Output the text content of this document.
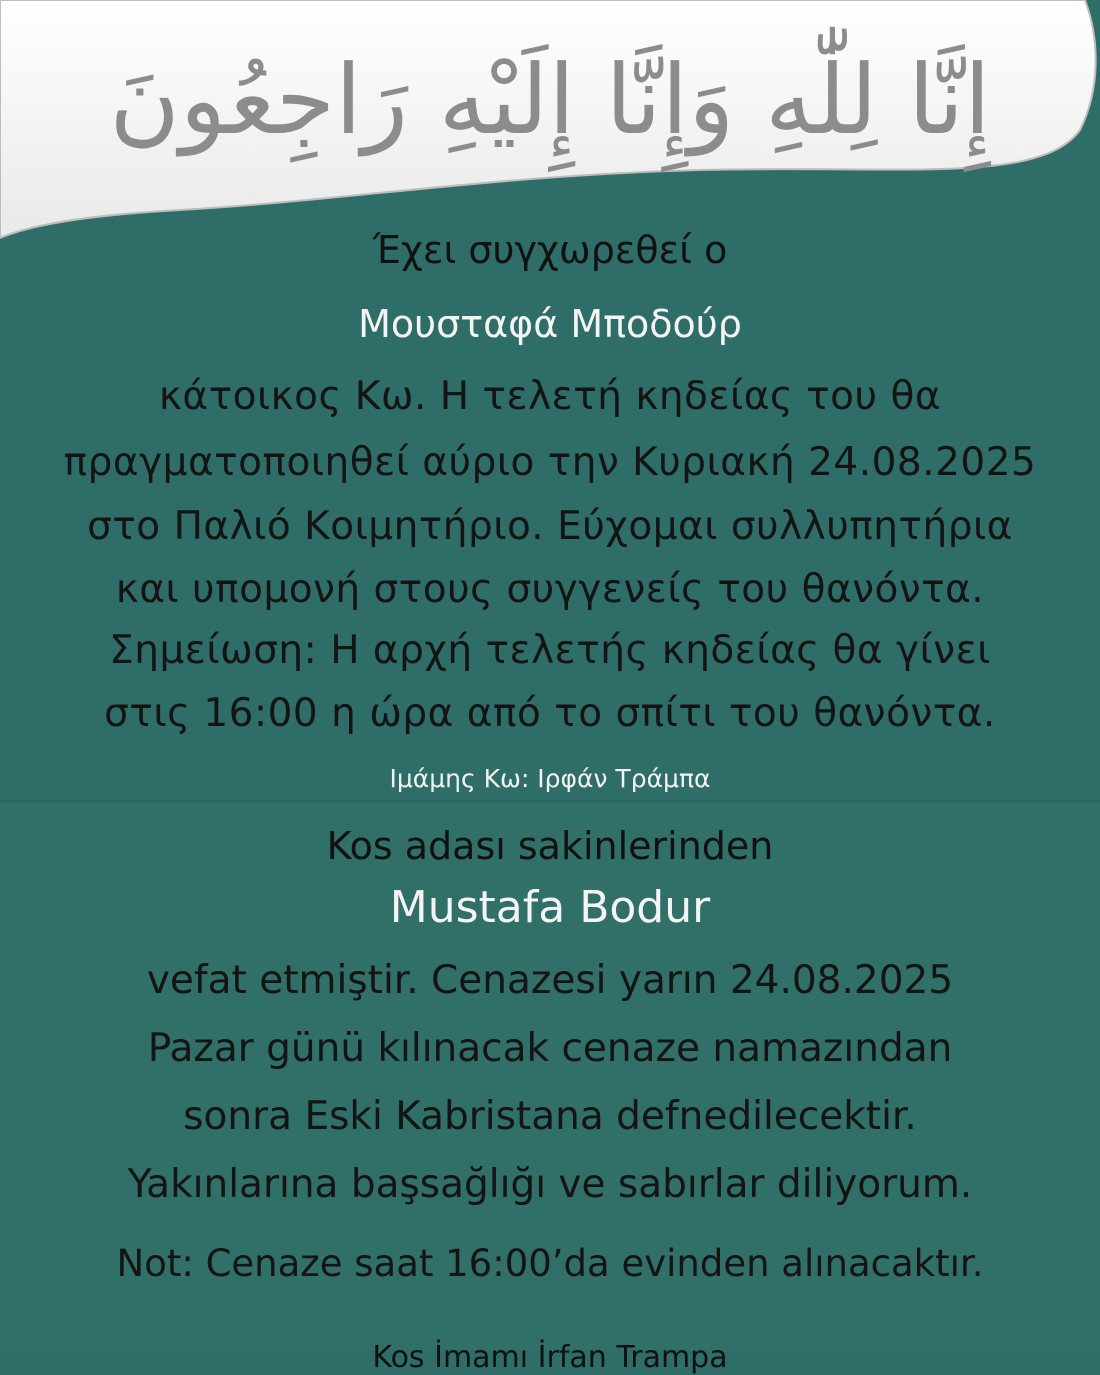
Έχει συγχωρεθεί ο
Μουσταφά Μποδούρ
κάτοικος Κω. Η τελετή κηδείας του θα
πραγματοποιηθεί αύριο την Κυριακή 24.08.2025
στο Παλιό Κοιμητήριο. Εύχομαι συλλυπητήρια
και υπομονή στους συγγενείς του θανόντα.
Σημείωση: Η αρχή τελετής κηδείας θα γίνει
στις 16:00 η ώρα από το σπίτι του θανόντα.
Ιμάμης Κω: Ιρφάν Τράμπα
إِنَّا لِلّٰهِ وَإِنَّا إِلَيْهِ رَاجِعُونَ
Kos adası sakinlerinden
Mustafa Bodur
vefat etmiştir. Cenazesi yarın 24.08.2025
Pazar günü kılınacak cenaze namazından
sonra Eski Kabristana defnedilecektir.
Yakınlarına başsağlığı ve sabırlar diliyorum.
Not: Cenaze saat 16:00’da evinden alınacaktır.
Kos İmamı İrfan Trampa
